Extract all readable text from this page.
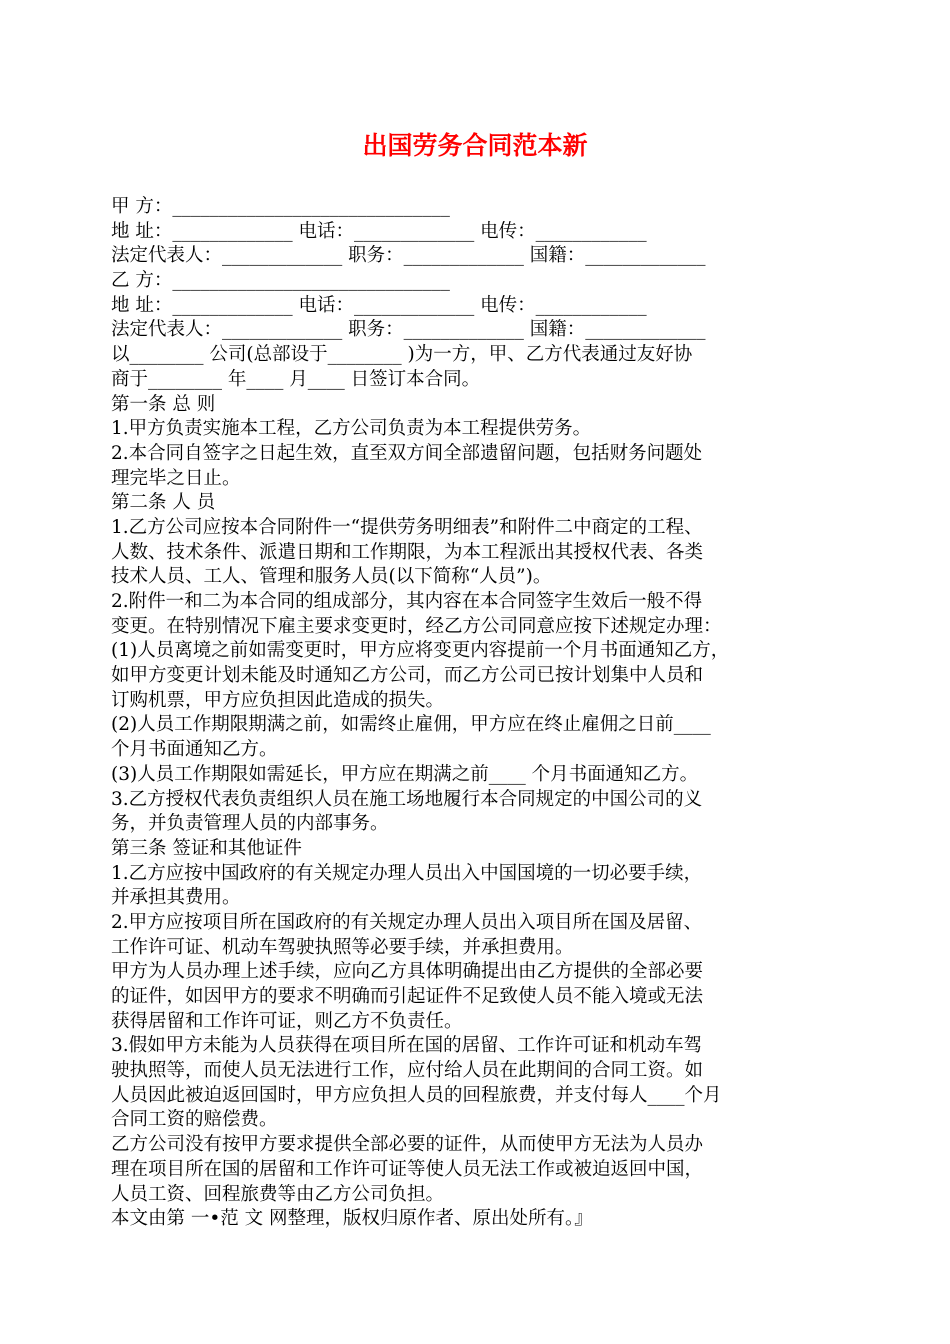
出国劳务合同范本新
甲 方：______________________________
地 址：_____________ 电话：_____________ 电传：____________
法定代表人：_____________ 职务：_____________ 国籍：_____________
乙 方：______________________________
地 址：_____________ 电话：_____________ 电传：____________
法定代表人：_____________ 职务：_____________ 国籍：_____________
以________ 公司(总部设于________ )为一方，甲、乙方代表通过友好协
商于________ 年____ 月____ 日签订本合同。
第一条 总 则
1.甲方负责实施本工程，乙方公司负责为本工程提供劳务。
2.本合同自签字之日起生效，直至双方间全部遗留问题，包括财务问题处
理完毕之日止。
第二条 人 员
1.乙方公司应按本合同附件一“提供劳务明细表”和附件二中商定的工程、
人数、技术条件、派遣日期和工作期限，为本工程派出其授权代表、各类
技术人员、工人、管理和服务人员(以下简称“人员”)。
2.附件一和二为本合同的组成部分，其内容在本合同签字生效后一般不得
变更。在特别情况下雇主要求变更时，经乙方公司同意应按下述规定办理：
(1)人员离境之前如需变更时，甲方应将变更内容提前一个月书面通知乙方，
如甲方变更计划未能及时通知乙方公司，而乙方公司已按计划集中人员和
订购机票，甲方应负担因此造成的损失。
(2)人员工作期限期满之前，如需终止雇佣，甲方应在终止雇佣之日前____
个月书面通知乙方。
(3)人员工作期限如需延长，甲方应在期满之前____ 个月书面通知乙方。
3.乙方授权代表负责组织人员在施工场地履行本合同规定的中国公司的义
务，并负责管理人员的内部事务。
第三条 签证和其他证件
1.乙方应按中国政府的有关规定办理人员出入中国国境的一切必要手续，
并承担其费用。
2.甲方应按项目所在国政府的有关规定办理人员出入项目所在国及居留、
工作许可证、机动车驾驶执照等必要手续，并承担费用。
甲方为人员办理上述手续，应向乙方具体明确提出由乙方提供的全部必要
的证件，如因甲方的要求不明确而引起证件不足致使人员不能入境或无法
获得居留和工作许可证，则乙方不负责任。
3.假如甲方未能为人员获得在项目所在国的居留、工作许可证和机动车驾
驶执照等，而使人员无法进行工作，应付给人员在此期间的合同工资。如
人员因此被迫返回国时，甲方应负担人员的回程旅费，并支付每人____个月
合同工资的赔偿费。
乙方公司没有按甲方要求提供全部必要的证件，从而使甲方无法为人员办
理在项目所在国的居留和工作许可证等使人员无法工作或被迫返回中国，
人员工资、回程旅费等由乙方公司负担。
本文由第 一•范 文 网整理，版权归原作者、原出处所有。』
